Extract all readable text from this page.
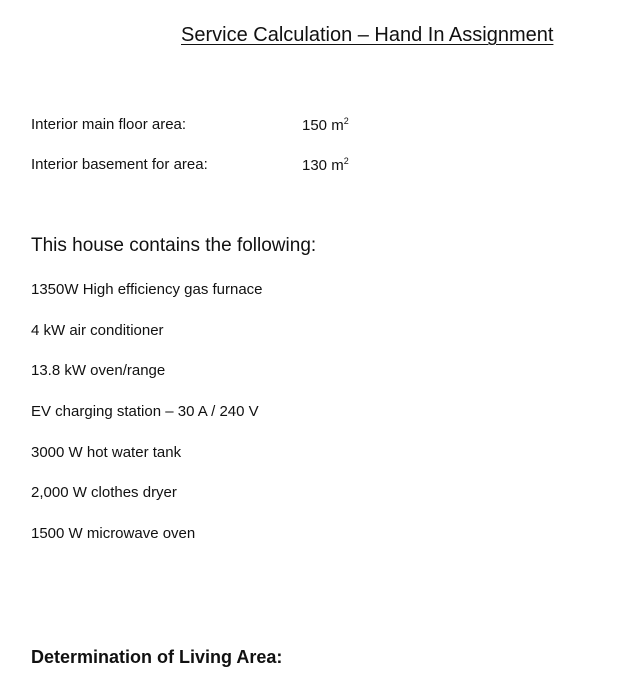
Service Calculation – Hand In Assignment
Interior main floor area:	150 $m^2$
Interior basement for area:	130 $m^2$
This house contains the following:
1350W High efficiency gas furnace
4 kW air conditioner
13.8 kW oven/range
EV charging station – 30 A / 240 V
3000 W hot water tank
2,000 W clothes dryer
1500 W microwave oven
Determination of Living Area:
